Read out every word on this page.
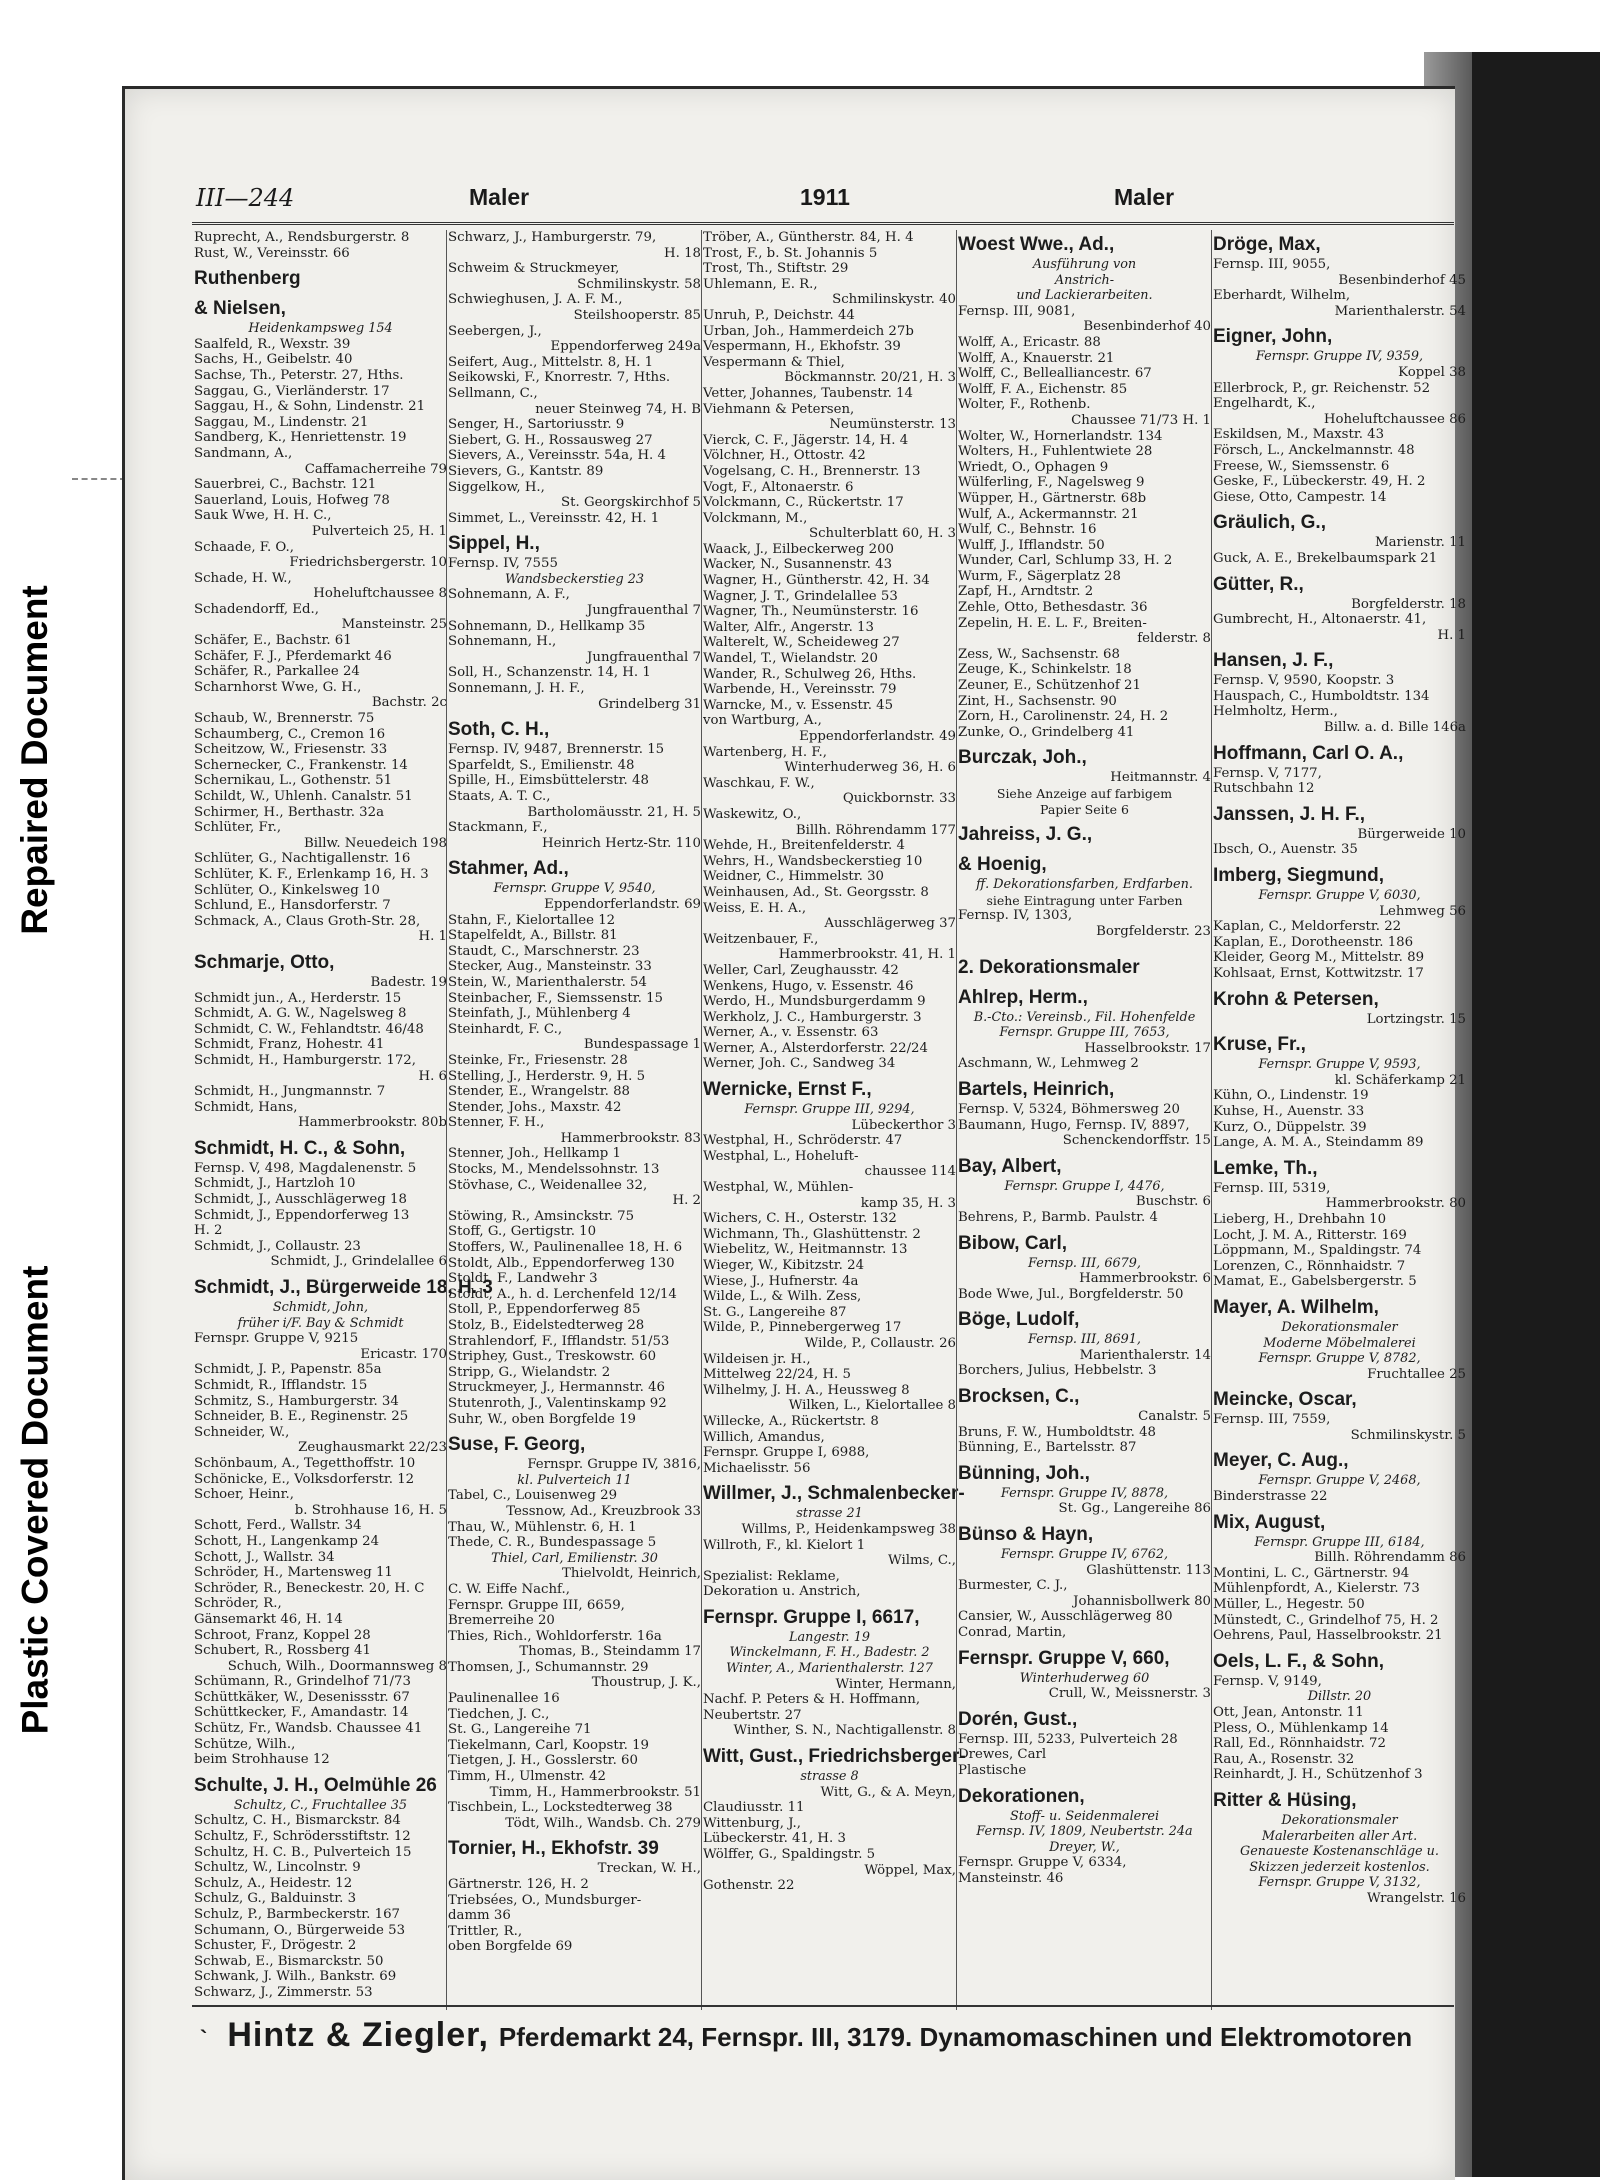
Repaired Document
Plastic Covered Document
III—244	Maler	1911	Maler
Ruprecht, A., Rendsburgerstr. 8
Rust, W., Vereinsstr. 66
Ruthenberg
& Nielsen,
Heidenkampsweg 154
Saalfeld, R., Wexstr. 39
Sachs, H., Geibelstr. 40
Sachse, Th., Peterstr. 27, Hths.
Saggau, G., Vierländerstr. 17
Saggau, H., & Sohn, Lindenstr. 21
Saggau, M., Lindenstr. 21
Sandberg, K., Henriettenstr. 19
Sandmann, A.,
Caffamacherreihe 79
Sauerbrei, C., Bachstr. 121
Sauerland, Louis, Hofweg 78
Sauk Wwe, H. H. C.,
Pulverteich 25, H. 1
Schaade, F. O.,
Friedrichsbergerstr. 10
Schade, H. W.,
Hoheluftchaussee 8
Schadendorff, Ed.,
Mansteinstr. 25
Schäfer, E., Bachstr. 61
Schäfer, F. J., Pferdemarkt 46
Schäfer, R., Parkallee 24
Scharnhorst Wwe, G. H.,
Bachstr. 2c
Schaub, W., Brennerstr. 75
Schaumberg, C., Cremon 16
Scheitzow, W., Friesenstr. 33
Schernecker, C., Frankenstr. 14
Schernikau, L., Gothenstr. 51
Schildt, W., Uhlenh. Canalstr. 51
Schirmer, H., Berthastr. 32a
Schlüter, Fr.,
Billw. Neuedeich 198
Schlüter, G., Nachtigallenstr. 16
Schlüter, K. F., Erlenkamp 16, H. 3
Schlüter, O., Kinkelsweg 10
Schlund, E., Hansdorferstr. 7
Schmack, A., Claus Groth-Str. 28,
H. 1
Schmarje, Otto,
Badestr. 19
Schmidt jun., A., Herderstr. 15
Schmidt, A. G. W., Nagelsweg 8
Schmidt, C. W., Fehlandtstr. 46/48
Schmidt, Franz, Hohestr. 41
Schmidt, H., Hamburgerstr. 172,
H. 6
Schmidt, H., Jungmannstr. 7
Schmidt, Hans,
Hammerbrookstr. 80b
Schmidt, H. C., & Sohn,
Fernsp. V, 498, Magdalenenstr. 5
Schmidt, J., Hartzloh 10
Schmidt, J., Ausschlägerweg 18
Schmidt, J., Eppendorferweg 13
H. 2
Schmidt, J., Collaustr. 23
Schmidt, J., Grindelallee 6
Schmidt, J., Bürgerweide 18, H. 3
Schmidt, John,
früher i/F. Bay & Schmidt
Fernspr. Gruppe V, 9215
Ericastr. 170
Schmidt, J. P., Papenstr. 85a
Schmidt, R., Ifflandstr. 15
Schmitz, S., Hamburgerstr. 34
Schneider, B. E., Reginenstr. 25
Schneider, W.,
Zeughausmarkt 22/23
Schönbaum, A., Tegetthoffstr. 10
Schönicke, E., Volksdorferstr. 12
Schoer, Heinr.,
b. Strohhause 16, H. 5
Schott, Ferd., Wallstr. 34
Schott, H., Langenkamp 24
Schott, J., Wallstr. 34
Schröder, H., Martensweg 11
Schröder, R., Beneckestr. 20, H. C
Schröder, R.,
Gänsemarkt 46, H. 14
Schroot, Franz, Koppel 28
Schubert, R., Rossberg 41
Schuch, Wilh., Doormannsweg 8
Schümann, R., Grindelhof 71/73
Schüttkäker, W., Desenissstr. 67
Schüttkecker, F., Amandastr. 14
Schütz, Fr., Wandsb. Chaussee 41
Schütze, Wilh.,
beim Strohhause 12
Schulte, J. H., Oelmühle 26
Schultz, C., Fruchtallee 35
Schultz, C. H., Bismarckstr. 84
Schultz, F., Schrödersstiftstr. 12
Schultz, H. C. B., Pulverteich 15
Schultz, W., Lincolnstr. 9
Schulz, A., Heidestr. 12
Schulz, G., Balduinstr. 3
Schulz, P., Barmbeckerstr. 167
Schumann, O., Bürgerweide 53
Schuster, F., Drögestr. 2
Schwab, E., Bismarckstr. 50
Schwank, J. Wilh., Bankstr. 69
Schwarz, J., Zimmerstr. 53
Schwarz, J., Hamburgerstr. 79,
H. 18
Schweim & Struckmeyer,
Schmilinskystr. 58
Schwieghusen, J. A. F. M.,
Steilshooperstr. 85
Seebergen, J.,
Eppendorferweg 249a
Seifert, Aug., Mittelstr. 8, H. 1
Seikowski, F., Knorrestr. 7, Hths.
Sellmann, C.,
neuer Steinweg 74, H. B
Senger, H., Sartoriusstr. 9
Siebert, G. H., Rossausweg 27
Sievers, A., Vereinsstr. 54a, H. 4
Sievers, G., Kantstr. 89
Siggelkow, H.,
St. Georgskirchhof 5
Simmet, L., Vereinsstr. 42, H. 1
Sippel, H.,
Fernsp. IV, 7555
Wandsbeckerstieg 23
Sohnemann, A. F.,
Jungfrauenthal 7
Sohnemann, D., Hellkamp 35
Sohnemann, H.,
Jungfrauenthal 7
Soll, H., Schanzenstr. 14, H. 1
Sonnemann, J. H. F.,
Grindelberg 31
Soth, C. H.,
Fernsp. IV, 9487, Brennerstr. 15
Sparfeldt, S., Emilienstr. 48
Spille, H., Eimsbüttelerstr. 48
Staats, A. T. C.,
Bartholomäusstr. 21, H. 5
Stackmann, F.,
Heinrich Hertz-Str. 110
Stahmer, Ad.,
Fernspr. Gruppe V, 9540,
Eppendorferlandstr. 69
Stahn, F., Kielortallee 12
Stapelfeldt, A., Billstr. 81
Staudt, C., Marschnerstr. 23
Stecker, Aug., Mansteinstr. 33
Stein, W., Marienthalerstr. 54
Steinbacher, F., Siemssenstr. 15
Steinfath, J., Mühlenberg 4
Steinhardt, F. C.,
Bundespassage 1
Steinke, Fr., Friesenstr. 28
Stelling, J., Herderstr. 9, H. 5
Stender, E., Wrangelstr. 88
Stender, Johs., Maxstr. 42
Stenner, F. H.,
Hammerbrookstr. 83
Stenner, Joh., Hellkamp 1
Stocks, M., Mendelssohnstr. 13
Stövhase, C., Weidenallee 32,
H. 2
Stöwing, R., Amsinckstr. 75
Stoff, G., Gertigstr. 10
Stoffers, W., Paulinenallee 18, H. 6
Stoldt, Alb., Eppendorferweg 130
Stoldt, F., Landwehr 3
Stoldt, A., h. d. Lerchenfeld 12/14
Stoll, P., Eppendorferweg 85
Stolz, B., Eidelstedterweg 28
Strahlendorf, F., Ifflandstr. 51/53
Striphey, Gust., Treskowstr. 60
Stripp, G., Wielandstr. 2
Struckmeyer, J., Hermannstr. 46
Stutenroth, J., Valentinskamp 92
Suhr, W., oben Borgfelde 19
Suse, F. Georg,
Fernspr. Gruppe IV, 3816,
kl. Pulverteich 11
Tabel, C., Louisenweg 29
Tessnow, Ad., Kreuzbrook 33
Thau, W., Mühlenstr. 6, H. 1
Thede, C. R., Bundespassage 5
Thiel, Carl, Emilienstr. 30
Thielvoldt, Heinrich,
C. W. Eiffe Nachf.,
Fernspr. Gruppe III, 6659,
Bremerreihe 20
Thies, Rich., Wohldorferstr. 16a
Thomas, B., Steindamm 17
Thomsen, J., Schumannstr. 29
Thoustrup, J. K.,
Paulinenallee 16
Tiedchen, J. C.,
St. G., Langereihe 71
Tiekelmann, Carl, Koopstr. 19
Tietgen, J. H., Gosslerstr. 60
Timm, H., Ulmenstr. 42
Timm, H., Hammerbrookstr. 51
Tischbein, L., Lockstedterweg 38
Tödt, Wilh., Wandsb. Ch. 279
Tornier, H., Ekhofstr. 39
Treckan, W. H.,
Gärtnerstr. 126, H. 2
Triebsées, O., Mundsburger-
damm 36
Trittler, R.,
oben Borgfelde 69
Tröber, A., Güntherstr. 84, H. 4
Trost, F., b. St. Johannis 5
Trost, Th., Stiftstr. 29
Uhlemann, E. R.,
Schmilinskystr. 40
Unruh, P., Deichstr. 44
Urban, Joh., Hammerdeich 27b
Vespermann, H., Ekhofstr. 39
Vespermann & Thiel,
Böckmannstr. 20/21, H. 3
Vetter, Johannes, Taubenstr. 14
Viehmann & Petersen,
Neumünsterstr. 13
Vierck, C. F., Jägerstr. 14, H. 4
Völchner, H., Ottostr. 42
Vogelsang, C. H., Brennerstr. 13
Vogt, F., Altonaerstr. 6
Volckmann, C., Rückertstr. 17
Volckmann, M.,
Schulterblatt 60, H. 3
Waack, J., Eilbeckerweg 200
Wacker, N., Susannenstr. 43
Wagner, H., Güntherstr. 42, H. 34
Wagner, J. T., Grindelallee 53
Wagner, Th., Neumünsterstr. 16
Walter, Alfr., Angerstr. 13
Walterelt, W., Scheideweg 27
Wandel, T., Wielandstr. 20
Wander, R., Schulweg 26, Hths.
Warbende, H., Vereinsstr. 79
Warncke, M., v. Essenstr. 45
von Wartburg, A.,
Eppendorferlandstr. 49
Wartenberg, H. F.,
Winterhuderweg 36, H. 6
Waschkau, F. W.,
Quickbornstr. 33
Waskewitz, O.,
Billh. Röhrendamm 177
Wehde, H., Breitenfelderstr. 4
Wehrs, H., Wandsbeckerstieg 10
Weidner, C., Himmelstr. 30
Weinhausen, Ad., St. Georgsstr. 8
Weiss, E. H. A.,
Ausschlägerweg 37
Weitzenbauer, F.,
Hammerbrookstr. 41, H. 1
Weller, Carl, Zeughausstr. 42
Wenkens, Hugo, v. Essenstr. 46
Werdo, H., Mundsburgerdamm 9
Werkholz, J. C., Hamburgerstr. 3
Werner, A., v. Essenstr. 63
Werner, A., Alsterdorferstr. 22/24
Werner, Joh. C., Sandweg 34
Wernicke, Ernst F.,
Fernspr. Gruppe III, 9294,
Lübeckerthor 3
Westphal, H., Schröderstr. 47
Westphal, L., Hoheluft-
chaussee 114
Westphal, W., Mühlen-
kamp 35, H. 3
Wichers, C. H., Osterstr. 132
Wichmann, Th., Glashüttenstr. 2
Wiebelitz, W., Heitmannstr. 13
Wieger, W., Kibitzstr. 24
Wiese, J., Hufnerstr. 4a
Wilde, L., & Wilh. Zess,
St. G., Langereihe 87
Wilde, P., Pinnebergerweg 17
Wilde, P., Collaustr. 26
Wildeisen jr. H.,
Mittelweg 22/24, H. 5
Wilhelmy, J. H. A., Heussweg 8
Wilken, L., Kielortallee 8
Willecke, A., Rückertstr. 8
Willich, Amandus,
Fernspr. Gruppe I, 6988,
Michaelisstr. 56
Willmer, J., Schmalenbecker-
strasse 21
Willms, P., Heidenkampsweg 38
Willroth, F., kl. Kielort 1
Wilms, C.,
Spezialist: Reklame,
Dekoration u. Anstrich,
Fernspr. Gruppe I, 6617,
Langestr. 19
Winckelmann, F. H., Badestr. 2
Winter, A., Marienthalerstr. 127
Winter, Hermann,
Nachf. P. Peters & H. Hoffmann,
Neubertstr. 27
Winther, S. N., Nachtigallenstr. 8
Witt, Gust., Friedrichsberger-
strasse 8
Witt, G., & A. Meyn,
Claudiusstr. 11
Wittenburg, J.,
Lübeckerstr. 41, H. 3
Wölffer, G., Spaldingstr. 5
Wöppel, Max,
Gothenstr. 22
Woest Wwe., Ad.,
Ausführung von
Anstrich-
und Lackierarbeiten.
Fernsp. III, 9081,
Besenbinderhof 40
Wolff, A., Ericastr. 88
Wolff, A., Knauerstr. 21
Wolff, C., Bellealliancestr. 67
Wolff, F. A., Eichenstr. 85
Wolter, F., Rothenb.
Chaussee 71/73 H. 1
Wolter, W., Hornerlandstr. 134
Wolters, H., Fuhlentwiete 28
Wriedt, O., Ophagen 9
Wülferling, F., Nagelsweg 9
Wüpper, H., Gärtnerstr. 68b
Wulf, A., Ackermannstr. 21
Wulf, C., Behnstr. 16
Wulff, J., Ifflandstr. 50
Wunder, Carl, Schlump 33, H. 2
Wurm, F., Sägerplatz 28
Zapf, H., Arndtstr. 2
Zehle, Otto, Bethesdastr. 36
Zepelin, H. E. L. F., Breiten-
felderstr. 8
Zess, W., Sachsenstr. 68
Zeuge, K., Schinkelstr. 18
Zeuner, E., Schützenhof 21
Zint, H., Sachsenstr. 90
Zorn, H., Carolinenstr. 24, H. 2
Zunke, O., Grindelberg 41
Burczak, Joh.,
Heitmannstr. 4
Siehe Anzeige auf farbigem
Papier Seite 6
Jahreiss, J. G.,
& Hoenig,
ff. Dekorationsfarben, Erdfarben.
siehe Eintragung unter Farben
Fernsp. IV, 1303,
Borgfelderstr. 23
2. Dekorationsmaler
Ahlrep, Herm.,
B.-Cto.: Vereinsb., Fil. Hohenfelde
Fernspr. Gruppe III, 7653,
Hasselbrookstr. 17
Aschmann, W., Lehmweg 2
Bartels, Heinrich,
Fernsp. V, 5324, Böhmersweg 20
Baumann, Hugo, Fernsp. IV, 8897,
Schenckendorffstr. 15
Bay, Albert,
Fernspr. Gruppe I, 4476,
Buschstr. 6
Behrens, P., Barmb. Paulstr. 4
Bibow, Carl,
Fernsp. III, 6679,
Hammerbrookstr. 6
Bode Wwe, Jul., Borgfelderstr. 50
Böge, Ludolf,
Fernsp. III, 8691,
Marienthalerstr. 14
Borchers, Julius, Hebbelstr. 3
Brocksen, C.,
Canalstr. 5
Bruns, F. W., Humboldtstr. 48
Bünning, E., Bartelsstr. 87
Bünning, Joh.,
Fernspr. Gruppe IV, 8878,
St. Gg., Langereihe 86
Bünso & Hayn,
Fernspr. Gruppe IV, 6762,
Glashüttenstr. 113
Burmester, C. J.,
Johannisbollwerk 80
Cansier, W., Ausschlägerweg 80
Conrad, Martin,
Fernspr. Gruppe V, 660,
Winterhuderweg 60
Crull, W., Meissnerstr. 3
Dorén, Gust.,
Fernsp. III, 5233, Pulverteich 28
Drewes, Carl
Plastische
Dekorationen,
Stoff- u. Seidenmalerei
Fernsp. IV, 1809, Neubertstr. 24a
Dreyer, W.,
Fernspr. Gruppe V, 6334,
Mansteinstr. 46
Dröge, Max,
Fernsp. III, 9055,
Besenbinderhof 45
Eberhardt, Wilhelm,
Marienthalerstr. 54
Eigner, John,
Fernspr. Gruppe IV, 9359,
Koppel 38
Ellerbrock, P., gr. Reichenstr. 52
Engelhardt, K.,
Hoheluftchaussee 86
Eskildsen, M., Maxstr. 43
Försch, L., Anckelmannstr. 48
Freese, W., Siemssenstr. 6
Geske, F., Lübeckerstr. 49, H. 2
Giese, Otto, Campestr. 14
Gräulich, G.,
Marienstr. 11
Guck, A. E., Brekelbaumspark 21
Gütter, R.,
Borgfelderstr. 18
Gumbrecht, H., Altonaerstr. 41,
H. 1
Hansen, J. F.,
Fernsp. V, 9590, Koopstr. 3
Hauspach, C., Humboldtstr. 134
Helmholtz, Herm.,
Billw. a. d. Bille 146a
Hoffmann, Carl O. A.,
Fernsp. V, 7177,
Rutschbahn 12
Janssen, J. H. F.,
Bürgerweide 10
Ibsch, O., Auenstr. 35
Imberg, Siegmund,
Fernspr. Gruppe V, 6030,
Lehmweg 56
Kaplan, C., Meldorferstr. 22
Kaplan, E., Dorotheenstr. 186
Kleider, Georg M., Mittelstr. 89
Kohlsaat, Ernst, Kottwitzstr. 17
Krohn & Petersen,
Lortzingstr. 15
Kruse, Fr.,
Fernspr. Gruppe V, 9593,
kl. Schäferkamp 21
Kühn, O., Lindenstr. 19
Kuhse, H., Auenstr. 33
Kurz, O., Düppelstr. 39
Lange, A. M. A., Steindamm 89
Lemke, Th.,
Fernsp. III, 5319,
Hammerbrookstr. 80
Lieberg, H., Drehbahn 10
Locht, J. M. A., Ritterstr. 169
Löppmann, M., Spaldingstr. 74
Lorenzen, C., Rönnhaidstr. 7
Mamat, E., Gabelsbergerstr. 5
Mayer, A. Wilhelm,
Dekorationsmaler
Moderne Möbelmalerei
Fernspr. Gruppe V, 8782,
Fruchtallee 25
Meincke, Oscar,
Fernsp. III, 7559,
Schmilinskystr. 5
Meyer, C. Aug.,
Fernspr. Gruppe V, 2468,
Binderstrasse 22
Mix, August,
Fernspr. Gruppe III, 6184,
Billh. Röhrendamm 86
Montini, L. C., Gärtnerstr. 94
Mühlenpfordt, A., Kielerstr. 73
Müller, L., Hegestr. 50
Münstedt, C., Grindelhof 75, H. 2
Oehrens, Paul, Hasselbrookstr. 21
Oels, L. F., & Sohn,
Fernsp. V, 9149,
Dillstr. 20
Ott, Jean, Antonstr. 11
Pless, O., Mühlenkamp 14
Rall, Ed., Rönnhaidstr. 72
Rau, A., Rosenstr. 32
Reinhardt, J. H., Schützenhof 3
Ritter & Hüsing,
Dekorationsmaler
Malerarbeiten aller Art.
Genaueste Kostenanschläge u.
Skizzen jederzeit kostenlos.
Fernspr. Gruppe V, 3132,
Wrangelstr. 16
` Hintz & Ziegler, Pferdemarkt 24, Fernspr. III, 3179. Dynamomaschinen und Elektromotoren
